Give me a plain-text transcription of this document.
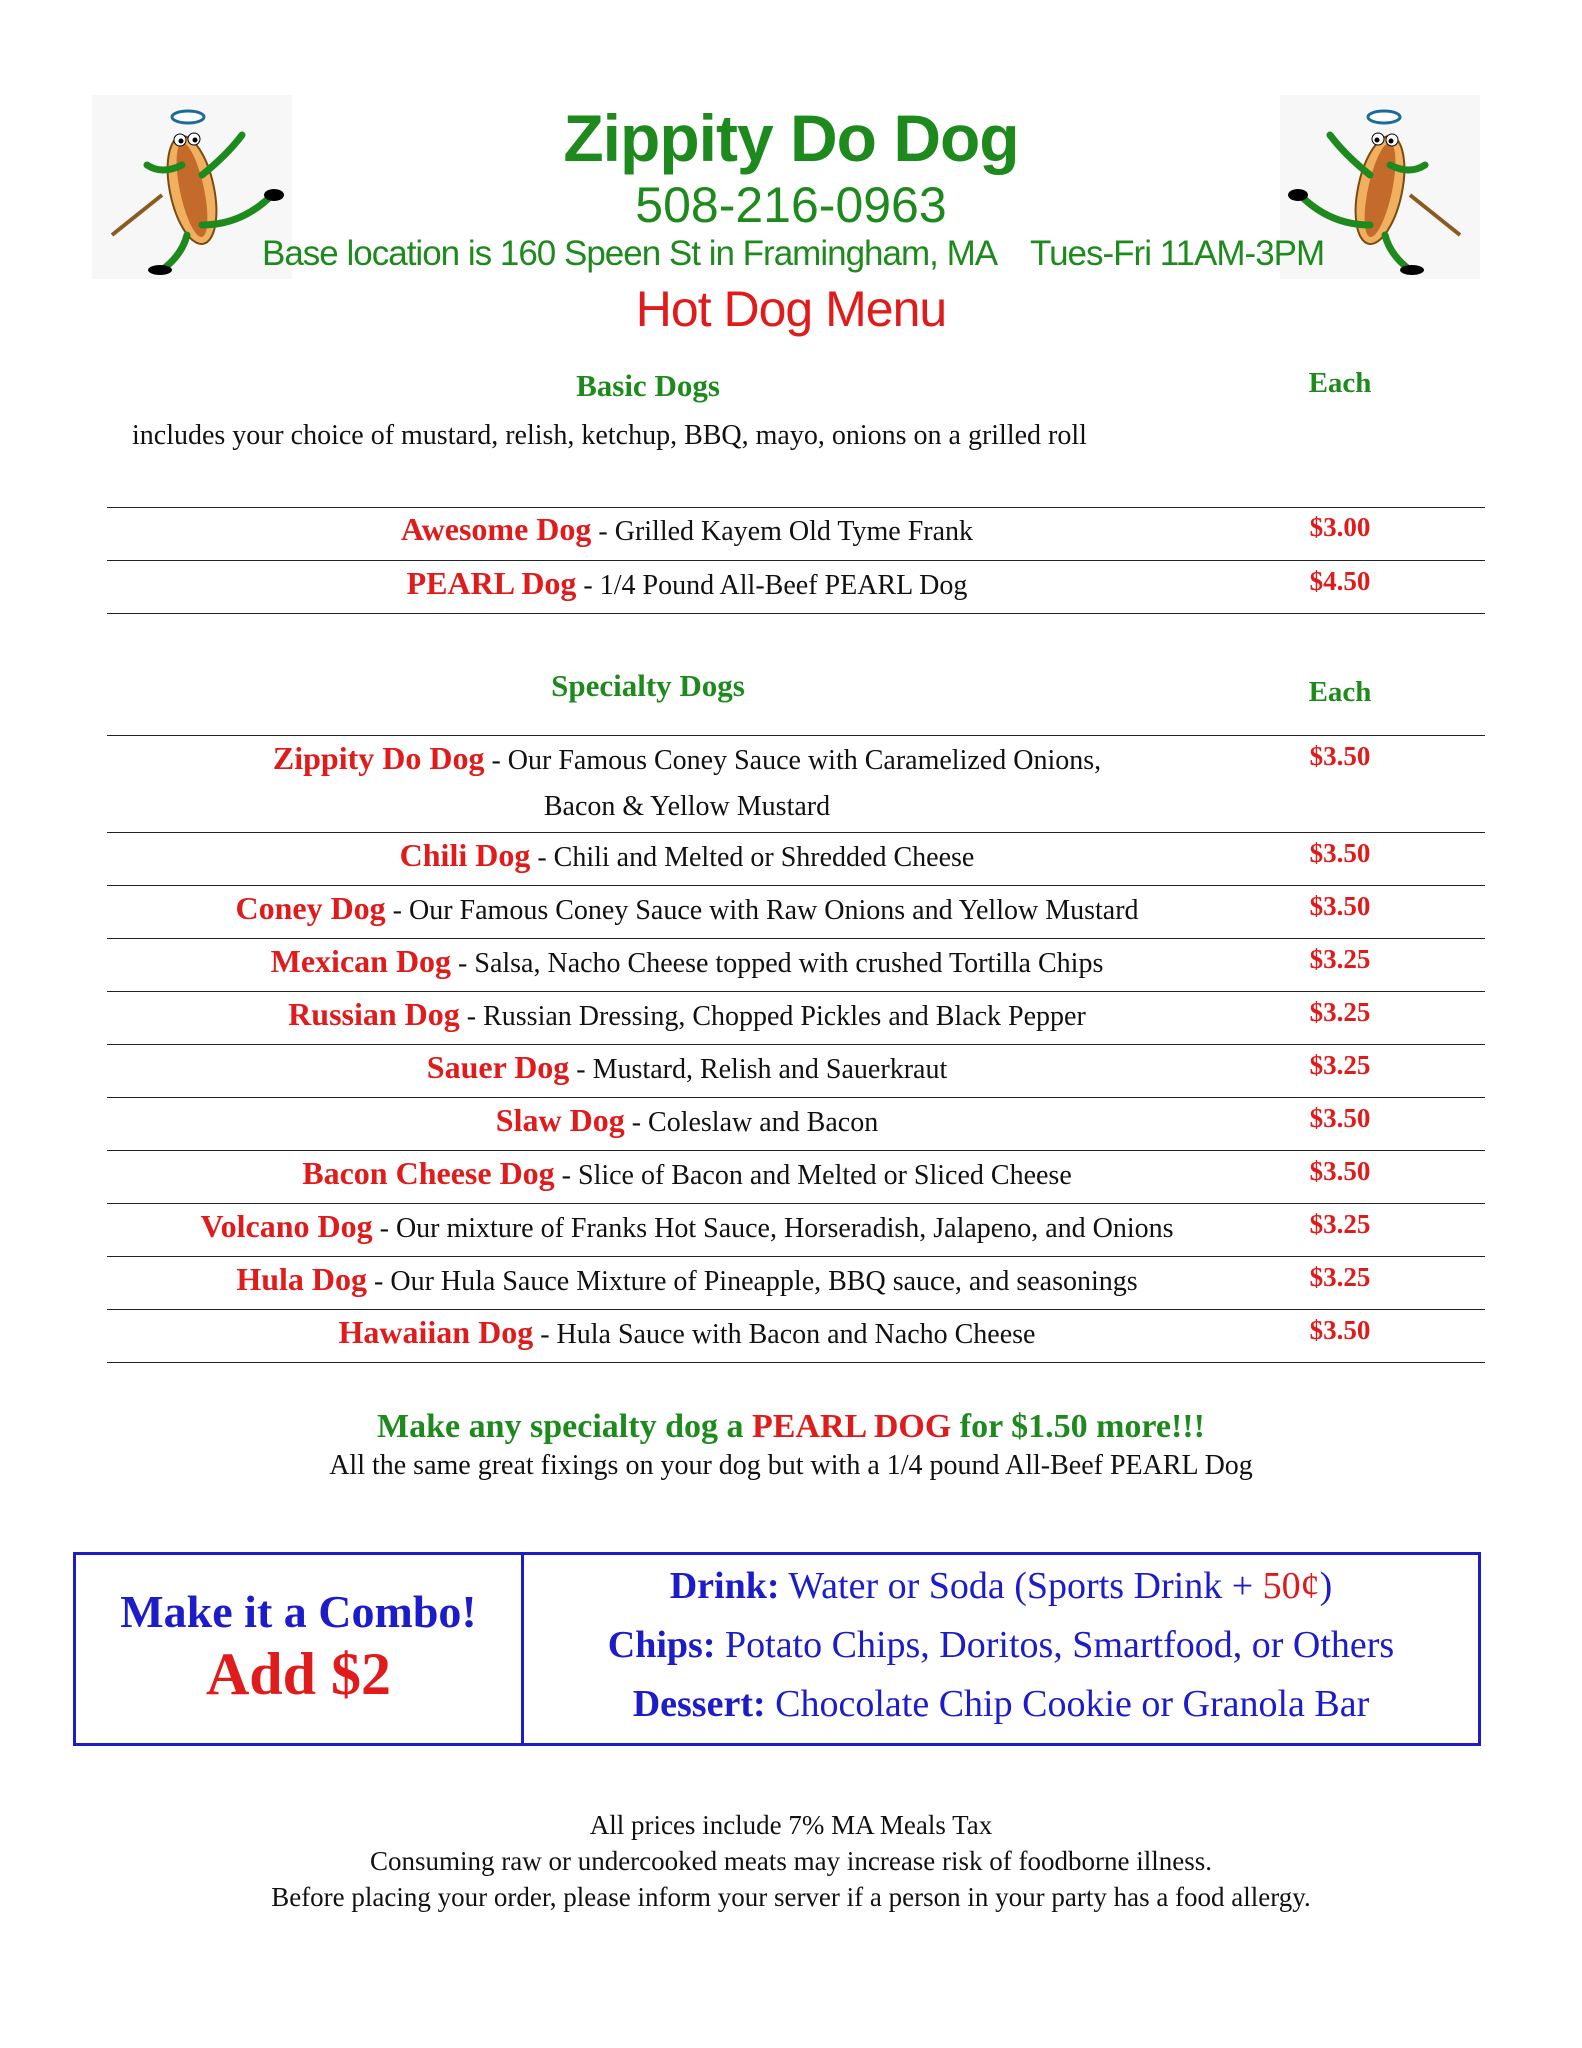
Zippity Do Dog
508-216-0963
Base location is 160 Speen St in Framingham, MA Tues-Fri 11AM-3PM
Hot Dog Menu
Basic Dogs	Each
includes your choice of mustard, relish, ketchup, BBQ, mayo, onions on a grilled roll
Awesome Dog - Grilled Kayem Old Tyme Frank	$3.00
PEARL Dog - 1/4 Pound All-Beef PEARL Dog	$4.50
Specialty Dogs	Each
Zippity Do Dog - Our Famous Coney Sauce with Caramelized Onions,
Bacon & Yellow Mustard
$3.50
Chili Dog - Chili and Melted or Shredded Cheese	$3.50
Coney Dog - Our Famous Coney Sauce with Raw Onions and Yellow Mustard	$3.50
Mexican Dog - Salsa, Nacho Cheese topped with crushed Tortilla Chips	$3.25
Russian Dog - Russian Dressing, Chopped Pickles and Black Pepper	$3.25
Sauer Dog - Mustard, Relish and Sauerkraut	$3.25
Slaw Dog - Coleslaw and Bacon	$3.50
Bacon Cheese Dog - Slice of Bacon and Melted or Sliced Cheese	$3.50
Volcano Dog - Our mixture of Franks Hot Sauce, Horseradish, Jalapeno, and Onions	$3.25
Hula Dog - Our Hula Sauce Mixture of Pineapple, BBQ sauce, and seasonings	$3.25
Hawaiian Dog - Hula Sauce with Bacon and Nacho Cheese	$3.50
Make any specialty dog a PEARL DOG for $1.50 more!!!
All the same great fixings on your dog but with a 1/4 pound All-Beef PEARL Dog
Make it a Combo!
Add $2
Drink: Water or Soda (Sports Drink + 50¢)
Chips: Potato Chips, Doritos, Smartfood, or Others
Dessert: Chocolate Chip Cookie or Granola Bar
All prices include 7% MA Meals Tax
Consuming raw or undercooked meats may increase risk of foodborne illness.
Before placing your order, please inform your server if a person in your party has a food allergy.
